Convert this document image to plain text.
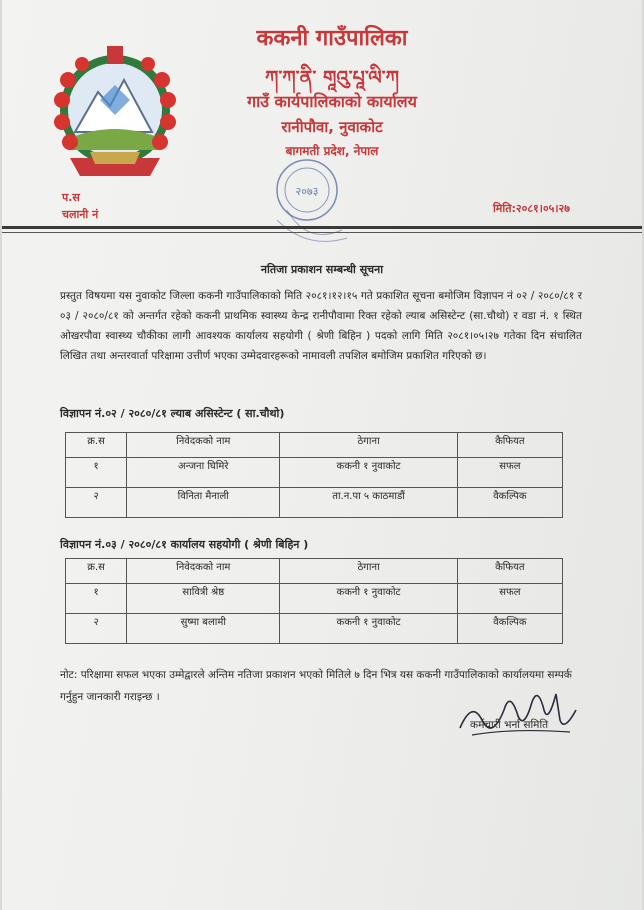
ककनी गाउँपालिका
ཀ་ཀ་ནི་ གཱའུ་པཱ་ལི་ཀ
गाउँ कार्यपालिकाको कार्यालय
रानीपौवा, नुवाकोट
बागमती प्रदेश, नेपाल
प.स
चलानी नं	मिति:२०८१।०५।२७
२०७३
नतिजा प्रकाशन सम्बन्धी सूचना
प्रस्तुत विषयमा यस नुवाकोट जिल्ला ककनी गाउँपालिकाको मिति २०८१।१२।१५ गते प्रकाशित सूचना बमोजिम विज्ञापन नं ०२ / २०८०/८१ र ०३ / २०८०/८१ को अन्तर्गत रहेको ककनी प्राथमिक स्वास्थ्य केन्द्र रानीपौवामा रिक्त रहेको ल्याब असिस्टेन्ट (सा.चौथो) र वडा नं. १ स्थित ओखरपौवा स्वास्थ्य चौकीका लागी आवश्यक कार्यालय सहयोगी ( श्रेणी बिहिन ) पदको लागि मिति २०८१।०५।२७ गतेका दिन संचालित लिखित तथा अन्तरवार्ता परिक्षामा उत्तीर्ण भएका उम्मेदवारहरूको नामावली तपशिल बमोजिम प्रकाशित गरिएको छ।
विज्ञापन नं.०२ / २०८०/८१ ल्याब असिस्टेन्ट ( सा.चौथो)
क्र.स	निवेदकको नाम	ठेगाना	कैफियत
१	अन्जना घिमिरे	ककनी १ नुवाकोट	सफल
२	विनिता मैनाली	ता.न.पा ५ काठमाडौं	वैकल्पिक
विज्ञापन नं.०३ / २०८०/८१ कार्यालय सहयोगी ( श्रेणी बिहिन )
क्र.स	निवेदकको नाम	ठेगाना	कैफियत
१	सावित्री श्रेष्ठ	ककनी १ नुवाकोट	सफल
२	सुष्मा बलामी	ककनी १ नुवाकोट	वैकल्पिक
नोट: परिक्षामा सफल भएका उम्मेद्वारले अन्तिम नतिजा प्रकाशन भएको मितिले ७ दिन भित्र यस ककनी गाउँपालिकाको कार्यालयमा सम्पर्क गर्नुहुन जानकारी गराइन्छ ।
कर्मचारी भर्ना समिति
